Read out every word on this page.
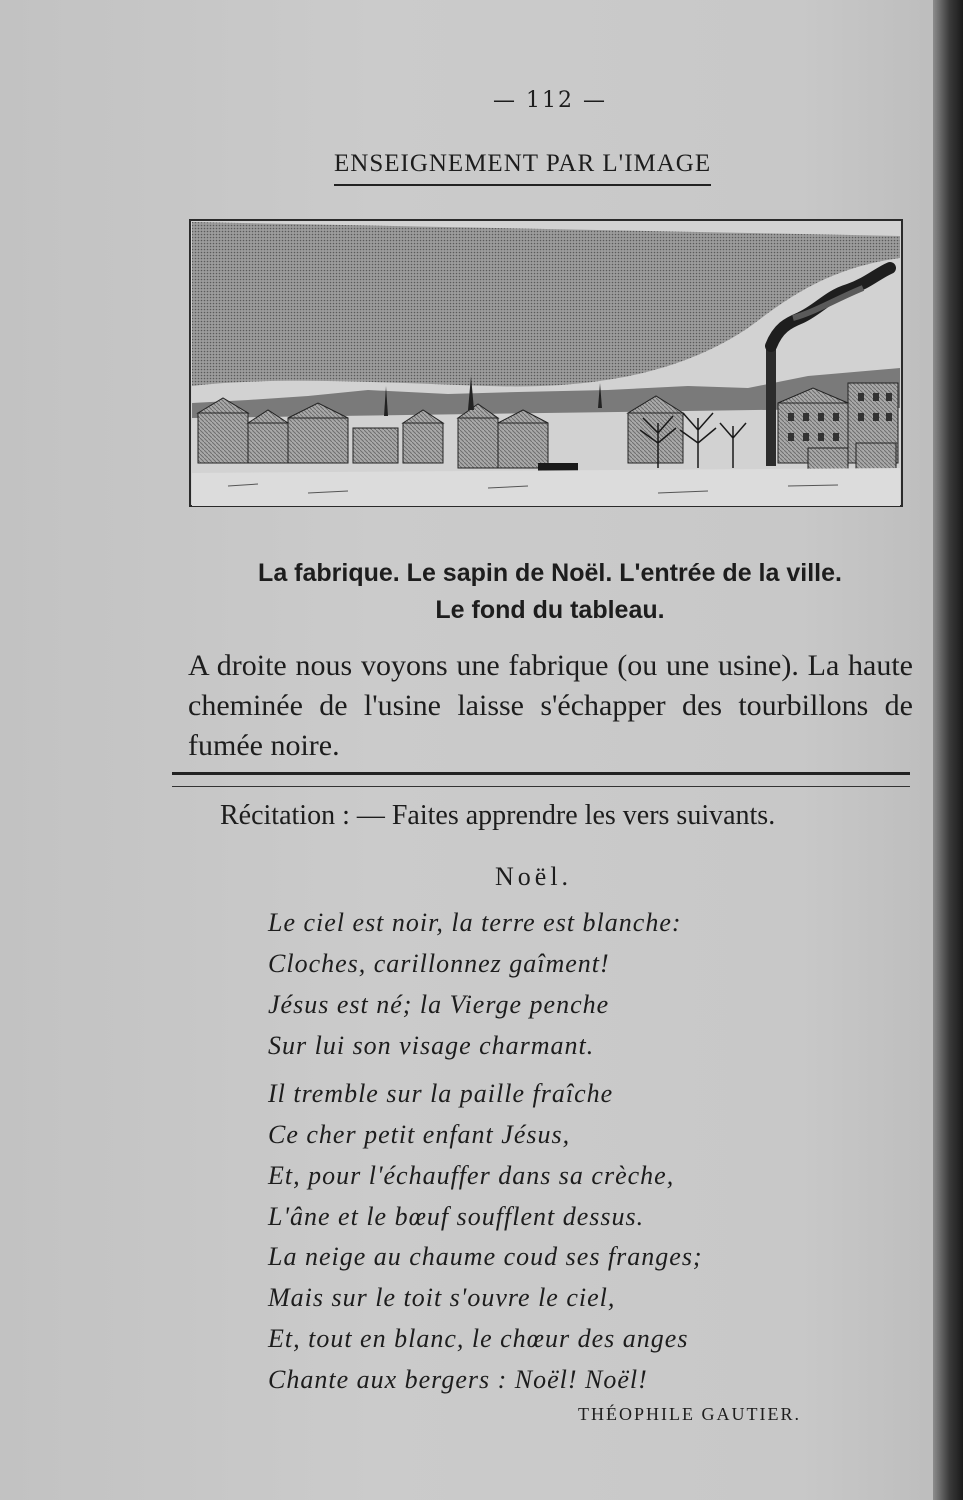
— 112 —
ENSEIGNEMENT PAR L'IMAGE
La fabrique. Le sapin de Noël. L'entrée de la ville.
Le fond du tableau.
A droite nous voyons une fabrique (ou une usine). La haute cheminée de l'usine laisse s'échapper des tourbillons de fumée noire.
Récitation : — Faites apprendre les vers suivants.
Noël.
Le ciel est noir, la terre est blanche:
Cloches, carillonnez gaîment!
Jésus est né; la Vierge penche
Sur lui son visage charmant.
Il tremble sur la paille fraîche
Ce cher petit enfant Jésus,
Et, pour l'échauffer dans sa crèche,
L'âne et le bœuf soufflent dessus.
La neige au chaume coud ses franges;
Mais sur le toit s'ouvre le ciel,
Et, tout en blanc, le chœur des anges
Chante aux bergers : Noël! Noël!
THÉOPHILE GAUTIER.
